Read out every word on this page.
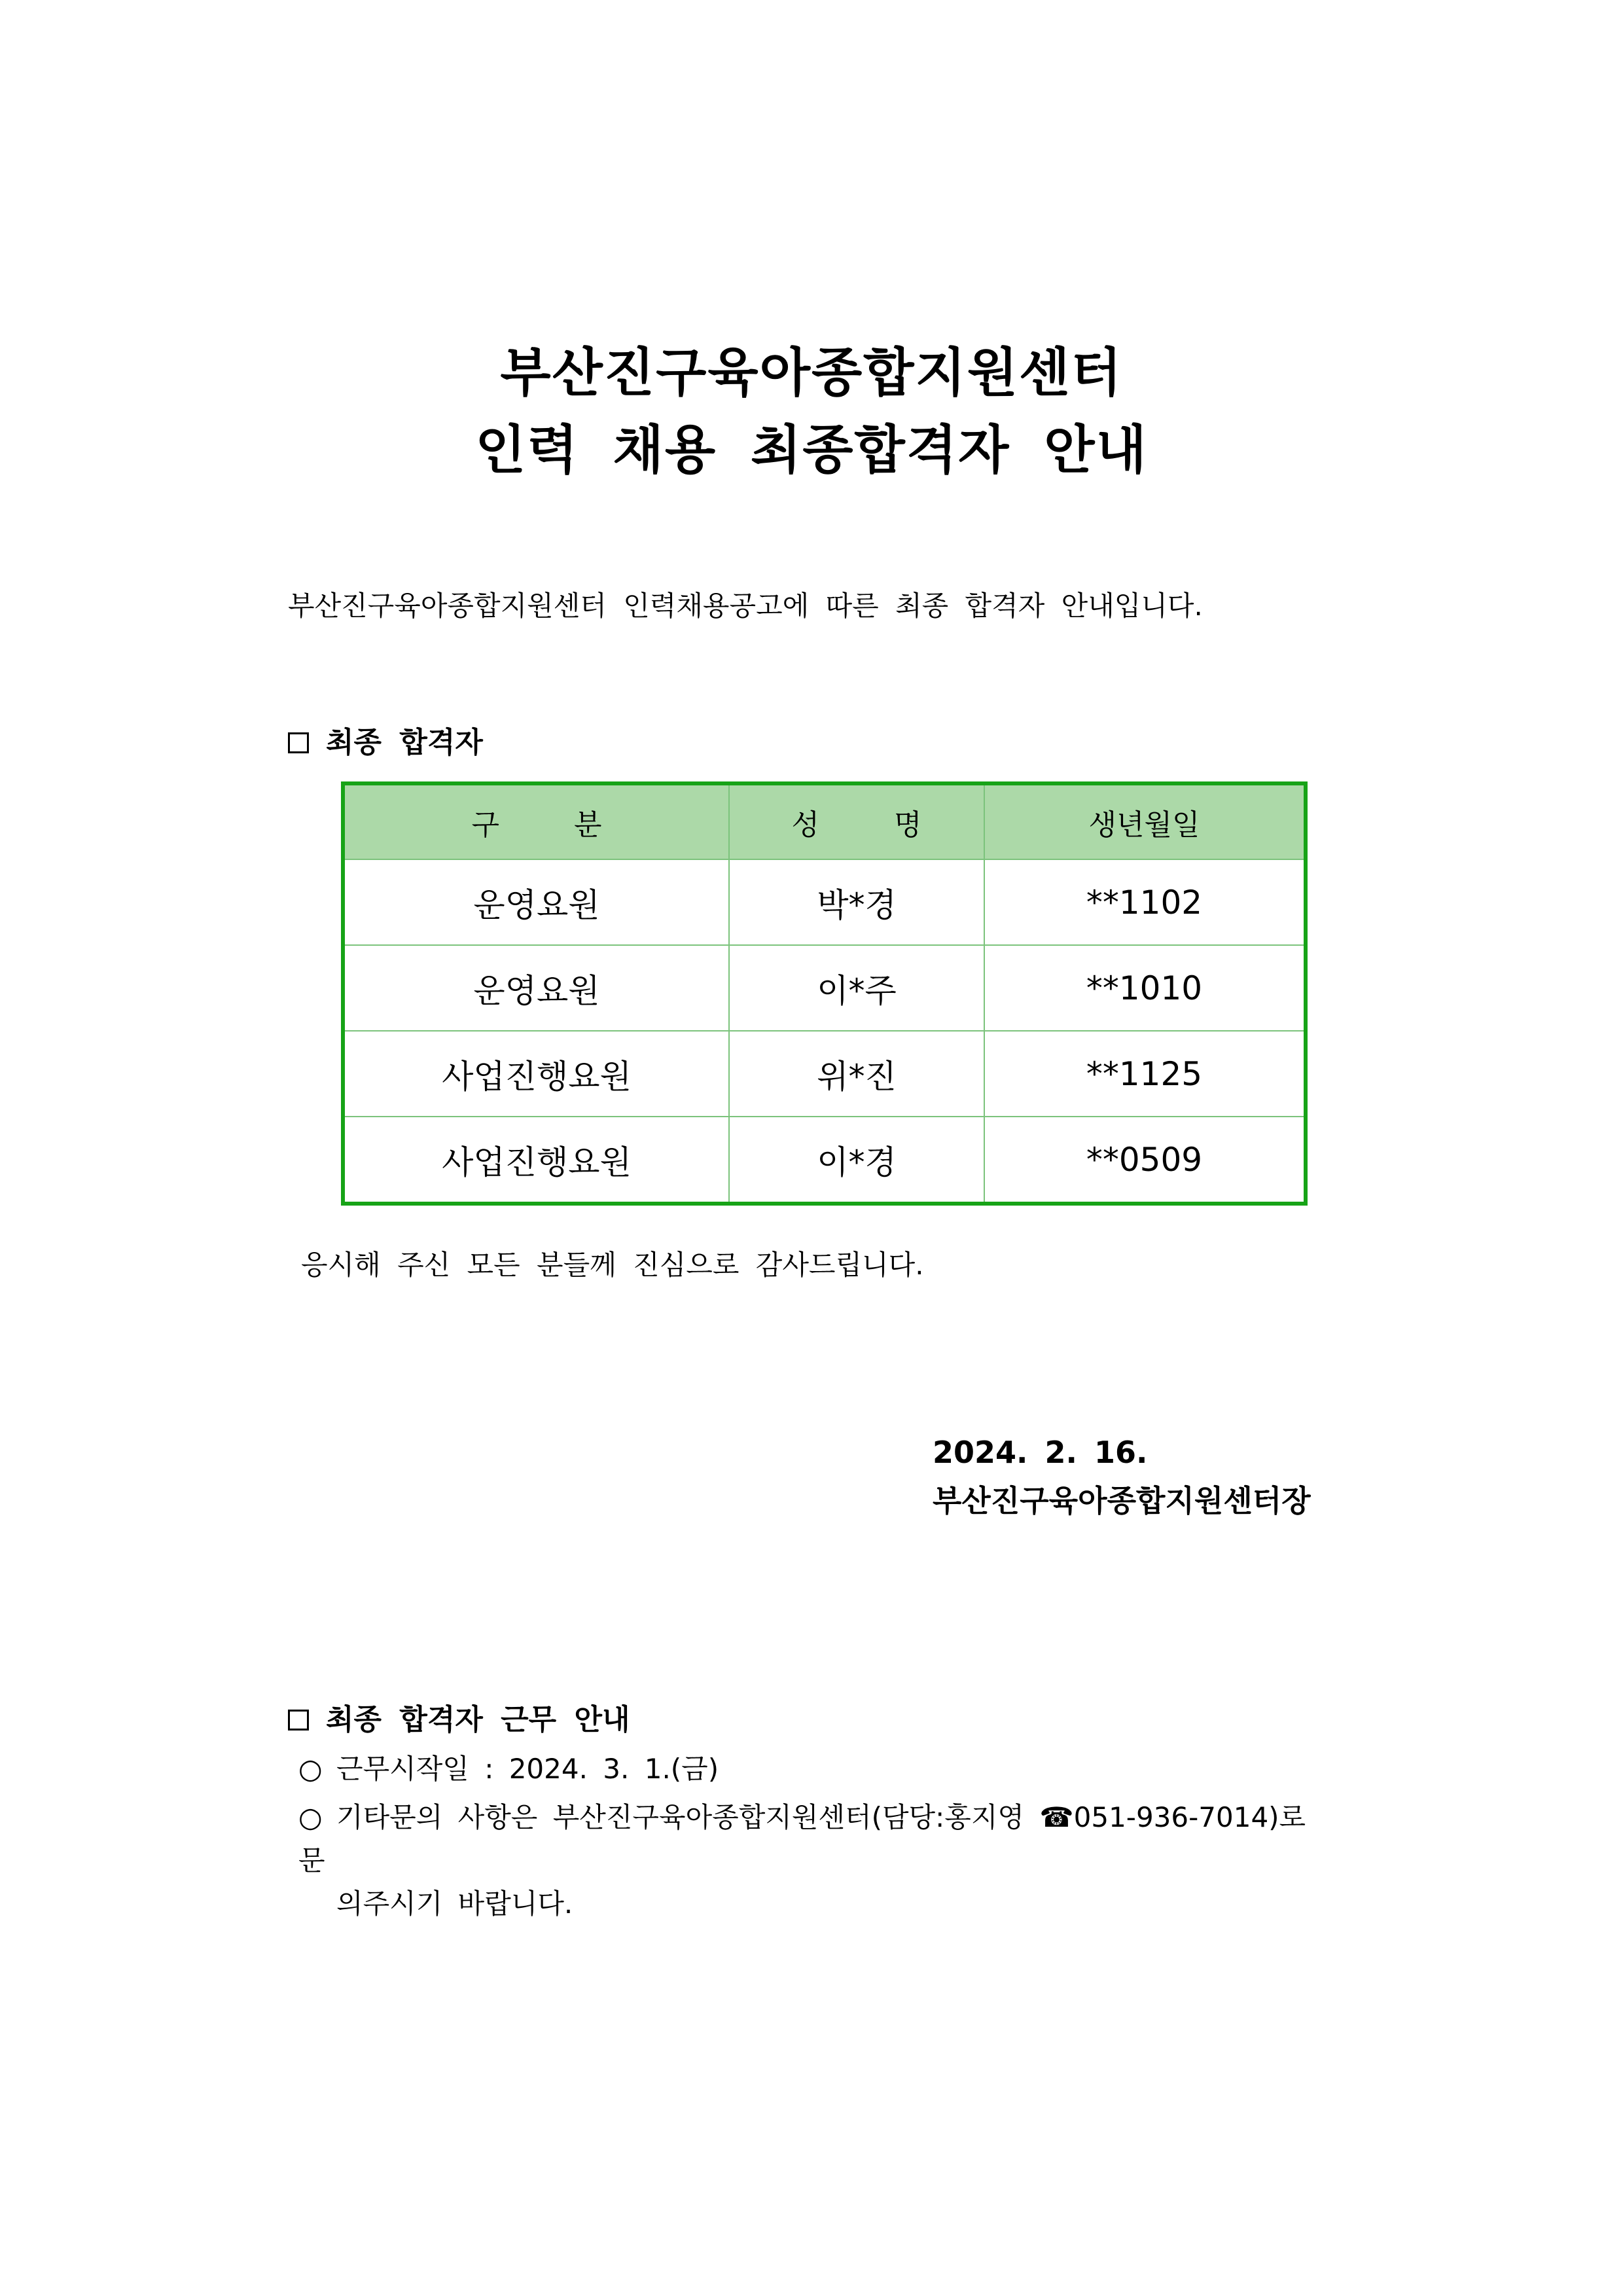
부산진구육아종합지원센터
인력 채용 최종합격자 안내

부산진구육아종합지원센터 인력채용공고에 따른 최종 합격자 안내입니다.

최종 합격자
구 분	성 명	생년월일
운영요원	박*경	**1102
운영요원	이*주	**1010
사업진행요원	위*진	**1125
사업진행요원	이*경	**0509

응시해 주신 모든 분들께 진심으로 감사드립니다.

2024. 2. 16.

부산진구육아종합지원센터장

최종 합격자 근무 안내

○ 근무시작일 : 2024. 3. 1.(금)

○ 기타문의 사항은 부산진구육아종합지원센터(담당:홍지영 ☎051-936-7014)로 문
의주시기 바랍니다.
